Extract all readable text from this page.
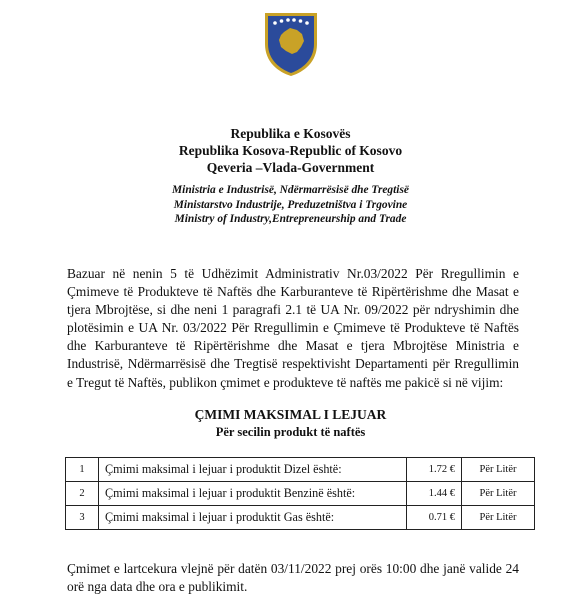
Republika e Kosovës
Republika Kosova-Republic of Kosovo
Qeveria –Vlada-Government
Ministria e Industrisë, Ndërmarrësisë dhe Tregtisë
Ministarstvo Industrije, Preduzetništva i Trgovine
Ministry of Industry,Entrepreneurship and Trade
Bazuar në nenin 5 të Udhëzimit Administrativ Nr.03/2022 Për Rregullimin e
Çmimeve të Produkteve të Naftës dhe Karburanteve të Ripërtërishme dhe Masat e
tjera Mbrojtëse, si dhe neni 1 paragrafi 2.1 të UA Nr. 09/2022 për ndryshimin dhe
plotësimin e UA Nr. 03/2022 Për Rregullimin e Çmimeve të Produkteve të Naftës
dhe Karburanteve të Ripërtërishme dhe Masat e tjera Mbrojtëse Ministria e
Industrisë, Ndërmarrësisë dhe Tregtisë respektivisht Departamenti për Rregullimin
e Tregut të Naftës, publikon çmimet e produkteve të naftës me pakicë si në vijim:
ÇMIMI MAKSIMAL I LEJUAR
Për secilin produkt të naftës
1	Çmimi maksimal i lejuar i produktit Dizel është:	1.72 €	Për Litër
2	Çmimi maksimal i lejuar i produktit Benzinë është:	1.44 €	Për Litër
3	Çmimi maksimal i lejuar i produktit Gas është:	0.71 €	Për Litër
Çmimet e lartcekura vlejnë për datën 03/11/2022 prej orës 10:00 dhe janë valide 24
orë nga data dhe ora e publikimit.
